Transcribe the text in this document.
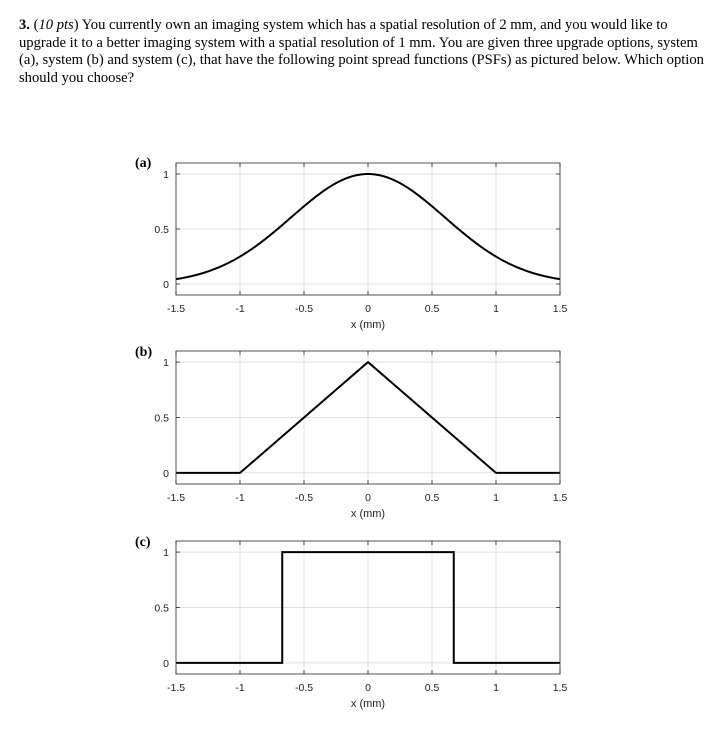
3. (10 pts) You currently own an imaging system which has a spatial resolution of 2 mm, and you would like to upgrade it to a better imaging system with a spatial resolution of 1 mm. You are given three upgrade options, system (a), system (b) and system (c), that have the following point spread functions (PSFs) as pictured below. Which option should you choose?
-1.5	-1	-0.5	0	0.5	1	1.5
0
0.5
1
x (mm)
(a)
-1.5	-1	-0.5	0	0.5	1	1.5
0
0.5
1
x (mm)
(b)
-1.5	-1	-0.5	0	0.5	1	1.5
0
0.5
1
x (mm)
(c)
